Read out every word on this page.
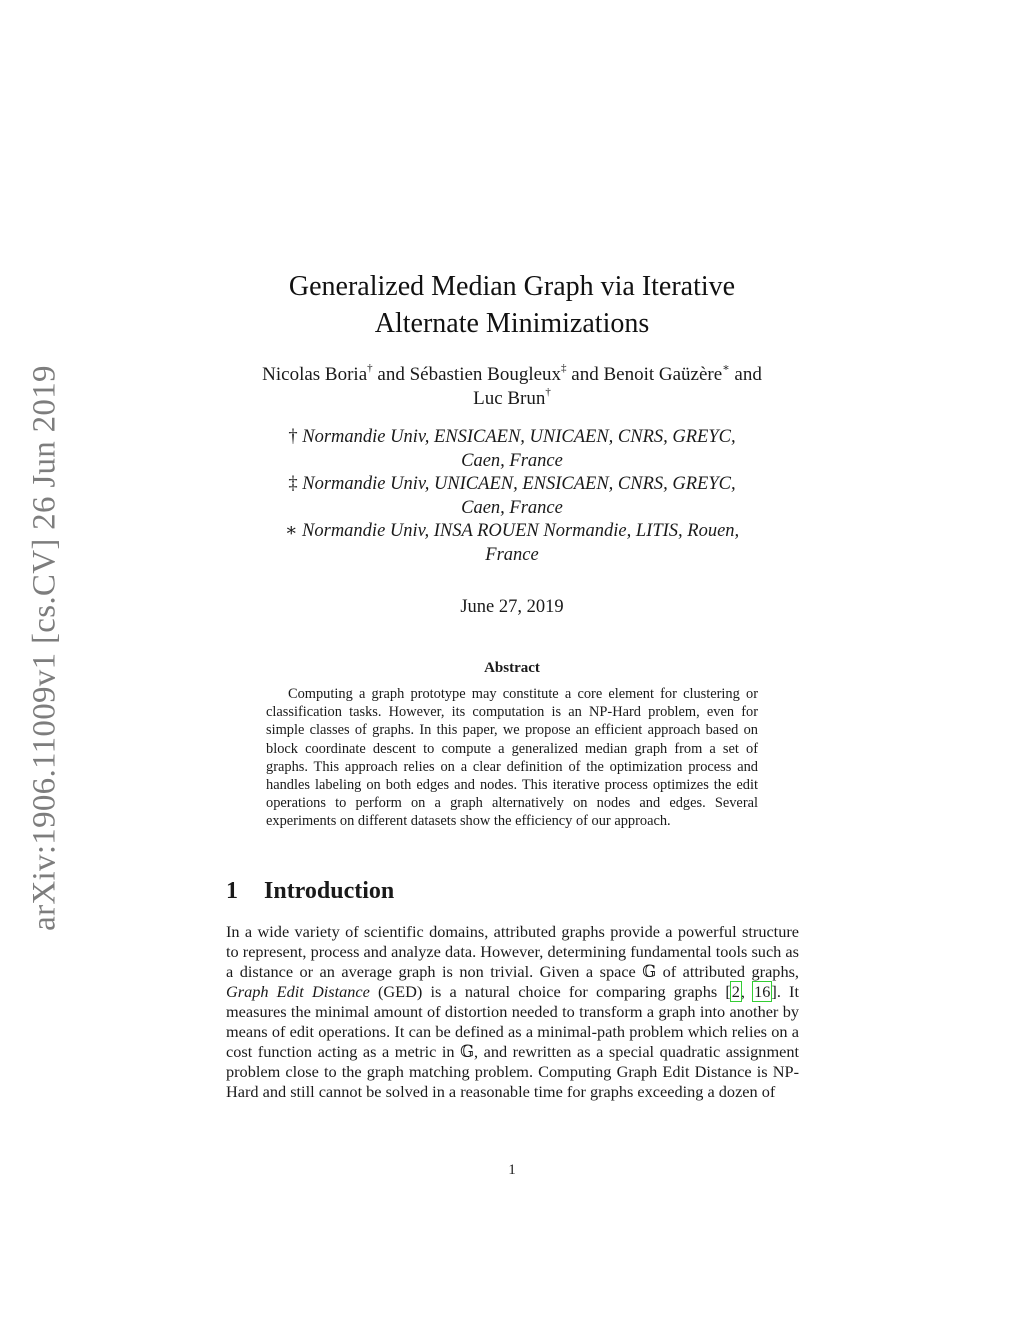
arXiv:1906.11009v1 [cs.CV] 26 Jun 2019
Generalized Median Graph via Iterative
Alternate Minimizations
Nicolas Boria† and Sébastien Bougleux‡ and Benoit Gaüzère∗ and
Luc Brun†
† Normandie Univ, ENSICAEN, UNICAEN, CNRS, GREYC,
Caen, France
‡ Normandie Univ, UNICAEN, ENSICAEN, CNRS, GREYC,
Caen, France
∗ Normandie Univ, INSA ROUEN Normandie, LITIS, Rouen,
France
June 27, 2019
Abstract
Computing a graph prototype may constitute a core element for clustering or classification tasks. However, its computation is an NP-Hard problem, even for simple classes of graphs. In this paper, we propose an efficient approach based on block coordinate descent to compute a generalized median graph from a set of graphs. This approach relies on a clear definition of the optimization process and handles labeling on both edges and nodes. This iterative process optimizes the edit operations to perform on a graph alternatively on nodes and edges. Several experiments on different datasets show the efficiency of our approach.
1 Introduction
In a wide variety of scientific domains, attributed graphs provide a powerful structure to represent, process and analyze data. However, determining fundamental tools such as a distance or an average graph is non trivial. Given a space 𝔾 of attributed graphs, Graph Edit Distance (GED) is a natural choice for comparing graphs [2, 16]. It measures the minimal amount of distortion needed to transform a graph into another by means of edit operations. It can be defined as a minimal-path problem which relies on a cost function acting as a metric in 𝔾, and rewritten as a special quadratic assignment problem close to the graph matching problem. Computing Graph Edit Distance is NP-Hard and still cannot be solved in a reasonable time for graphs exceeding a dozen of
1
